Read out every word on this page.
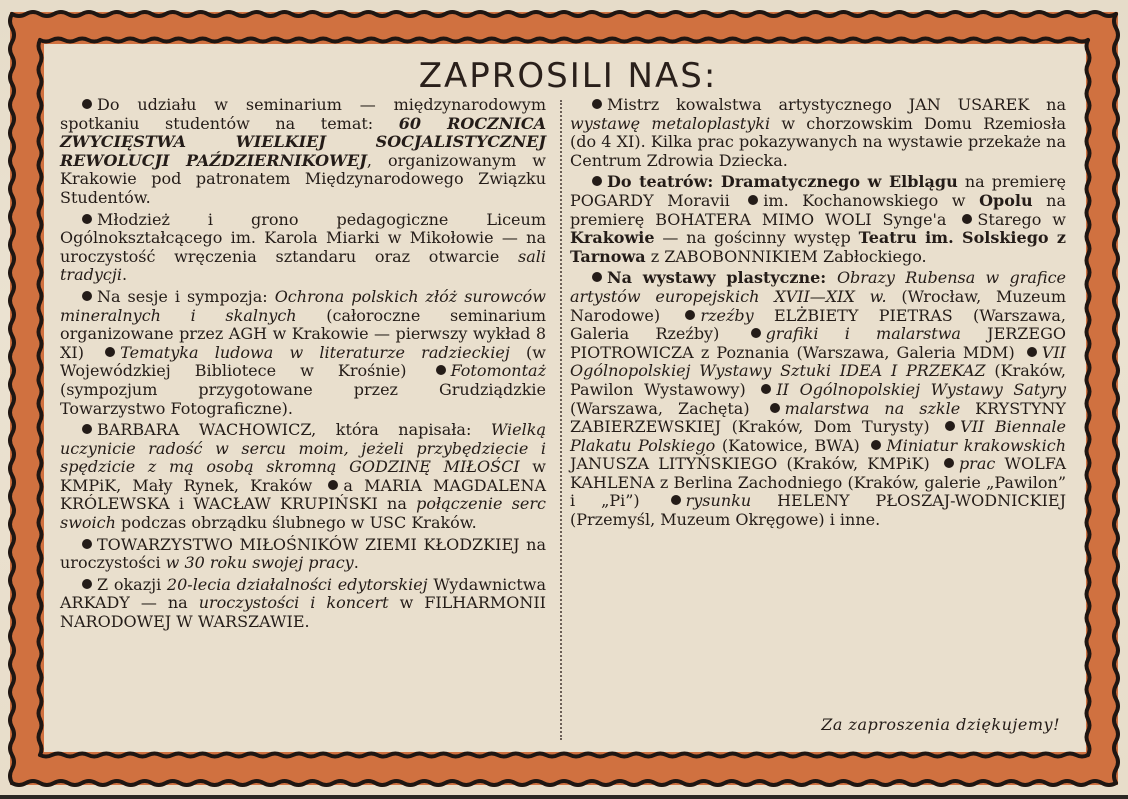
ZAPROSILI NAS:

Do udziału w seminarium — międzynarodowym spotkaniu studentów na temat: 60 ROCZNICA ZWYCIĘSTWA WIELKIEJ SOCJALISTYCZNEJ REWOLUCJI PAŹDZIERNIKOWEJ, organizowanym w Krakowie pod patronatem Międzynarodowego Związku Studentów.

Młodzież i grono pedagogiczne Liceum Ogólnokształcącego im. Karola Miarki w Mikołowie — na uroczystość wręczenia sztandaru oraz otwarcie sali tradycji.

Na sesje i sympozja: Ochrona polskich złóż surowców mineralnych i skalnych (całoroczne seminarium organizowane przez AGH w Krakowie — pierwszy wykład 8 XI) Tematyka ludowa w literaturze radzieckiej (w Wojewódzkiej Bibliotece w Krośnie) Fotomontaż (sympozjum przygotowane przez Grudziądzkie Towarzystwo Fotograficzne).

BARBARA WACHOWICZ, która napisała: Wielką uczynicie radość w sercu moim, jeżeli przybędziecie i spędzicie z mą osobą skromną GODZINĘ MIŁOŚCI w KMPiK, Mały Rynek, Kraków a MARIA MAGDALENA KRÓLEWSKA i WACŁAW KRUPIŃSKI na połączenie serc swoich podczas obrządku ślubnego w USC Kraków.

TOWARZYSTWO MIŁOŚNIKÓW ZIEMI KŁODZKIEJ na uroczystości w 30 roku swojej pracy.

Z okazji 20-lecia działalności edytorskiej Wydawnictwa ARKADY — na uroczystości i koncert w FILHARMONII NARODOWEJ W WARSZAWIE.

Mistrz kowalstwa artystycznego JAN USAREK na wystawę metaloplastyki w chorzowskim Domu Rzemiosła (do 4 XI). Kilka prac pokazywanych na wystawie przekaże na Centrum Zdrowia Dziecka.

Do teatrów: Dramatycznego w Elblągu na premierę POGARDY Moravii im. Kochanowskiego w Opolu na premierę BOHATERA MIMO WOLI Synge'a Starego w Krakowie — na gościnny występ Teatru im. Solskiego z Tarnowa z ZABOBONNIKIEM Zabłockiego.

Na wystawy plastyczne: Obrazy Rubensa w grafice artystów europejskich XVII—XIX w. (Wrocław, Muzeum Narodowe) rzeźby ELŻBIETY PIETRAS (Warszawa, Galeria Rzeźby) grafiki i malarstwa JERZEGO PIOTROWICZA z Poznania (Warszawa, Galeria MDM) VII Ogólnopolskiej Wystawy Sztuki IDEA I PRZEKAZ (Kraków, Pawilon Wystawowy) II Ogólnopolskiej Wystawy Satyry (Warszawa, Zachęta) malarstwa na szkle KRYSTYNY ZABIERZEWSKIEJ (Kraków, Dom Turysty) VII Biennale Plakatu Polskiego (Katowice, BWA) Miniatur krakowskich JANUSZA LITYŃSKIEGO (Kraków, KMPiK) prac WOLFA KAHLENA z Berlina Zachodniego (Kraków, galerie „Pawilon” i „Pi”) rysunku HELENY PŁOSZAJ-WODNICKIEJ (Przemyśl, Muzeum Okręgowe) i inne.

Za zaproszenia dziękujemy!
